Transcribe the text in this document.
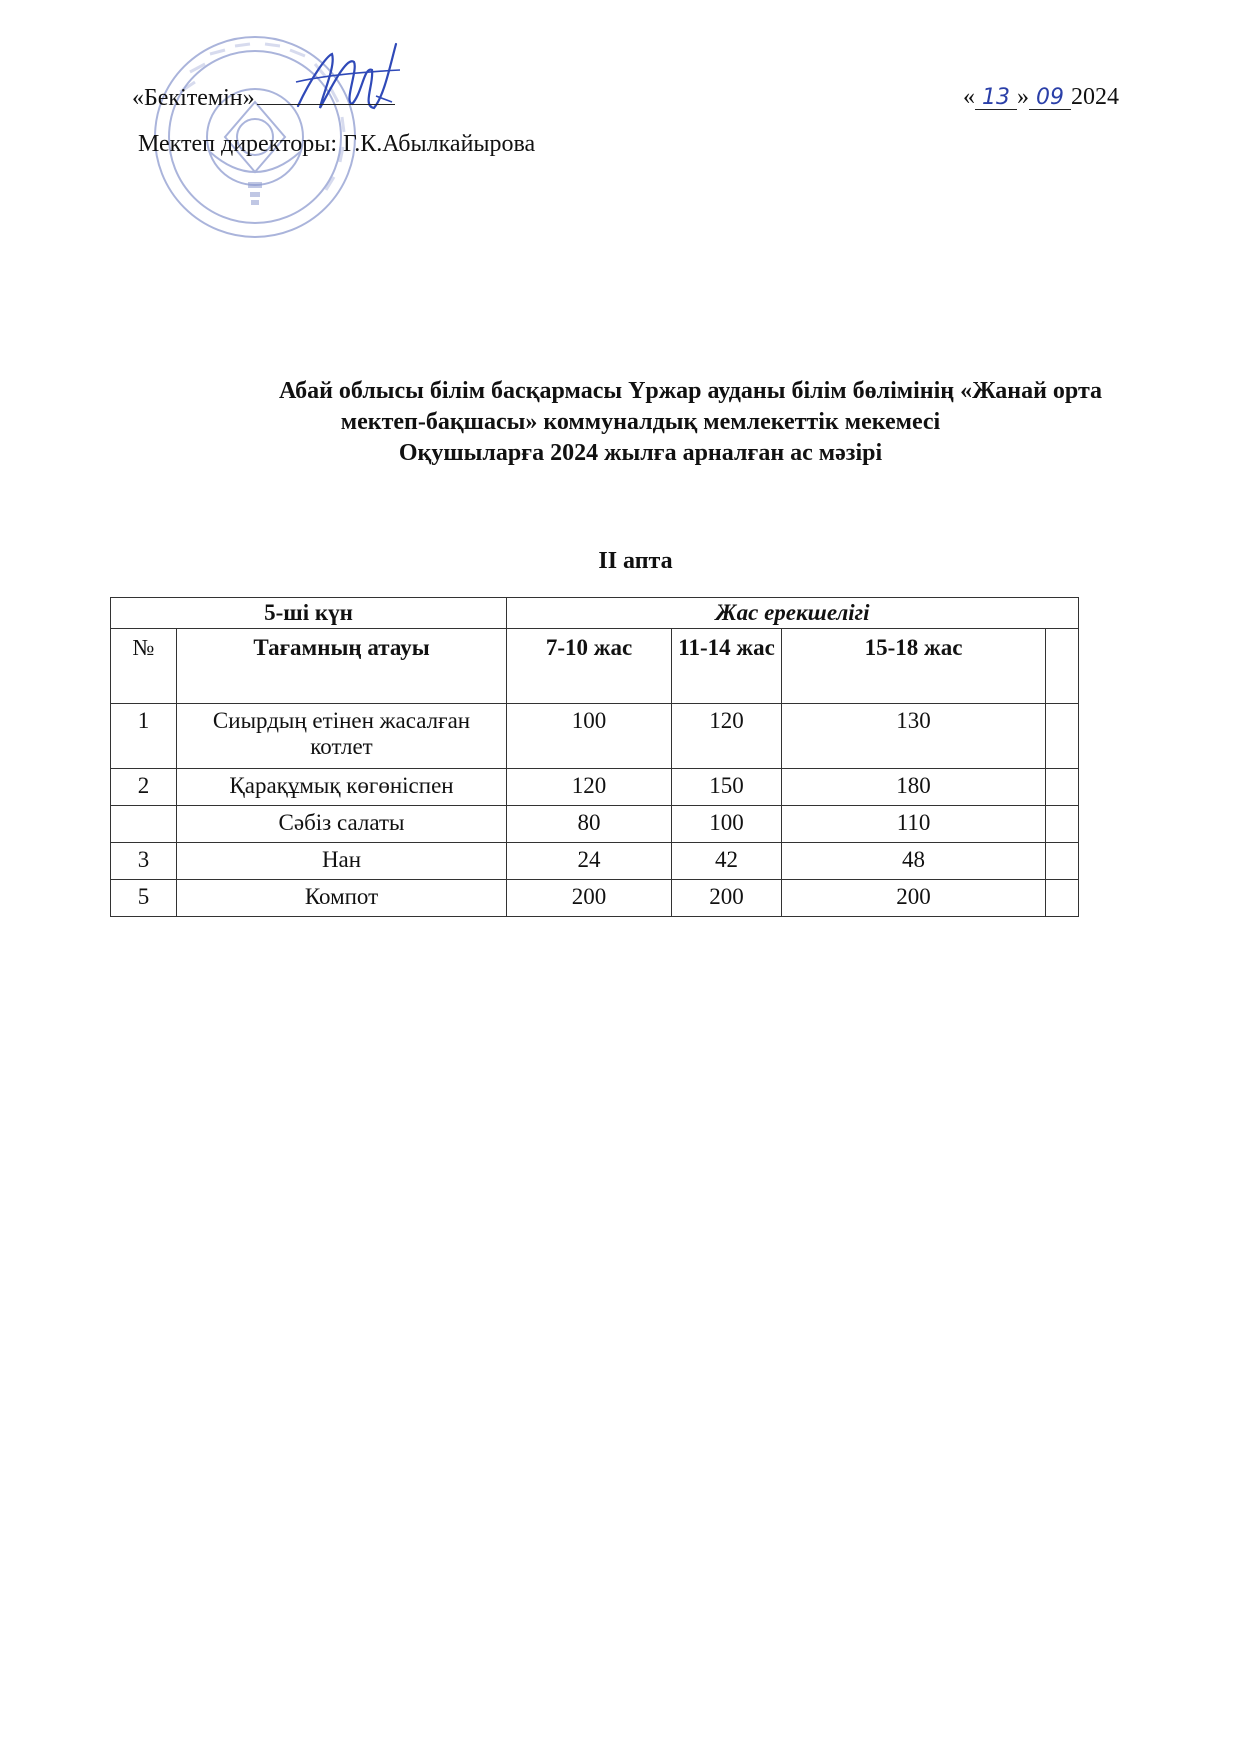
«Бекітемін»
Мектеп директоры: Г.К.Абылкайырова
« 13 » 09 2024
Абай облысы білім басқармасы Үржар ауданы білім бөлімінің «Жанай орта
мектеп-бақшасы» коммуналдық мемлекеттік мекемесі
Оқушыларға 2024 жылға арналған ас мәзірі
II апта
5-ші күн		Жас ерекшелігі			
№	Тағамның атауы	7-10 жас	11-14 жас	15-18 жас	
1	Сиырдың етінен жасалған котлет	100	120	130	
2	Қарақұмық көгөніспен	120	150	180	
	Сәбіз салаты	80	100	110	
3	Нан	24	42	48	
5	Компот	200	200	200	
